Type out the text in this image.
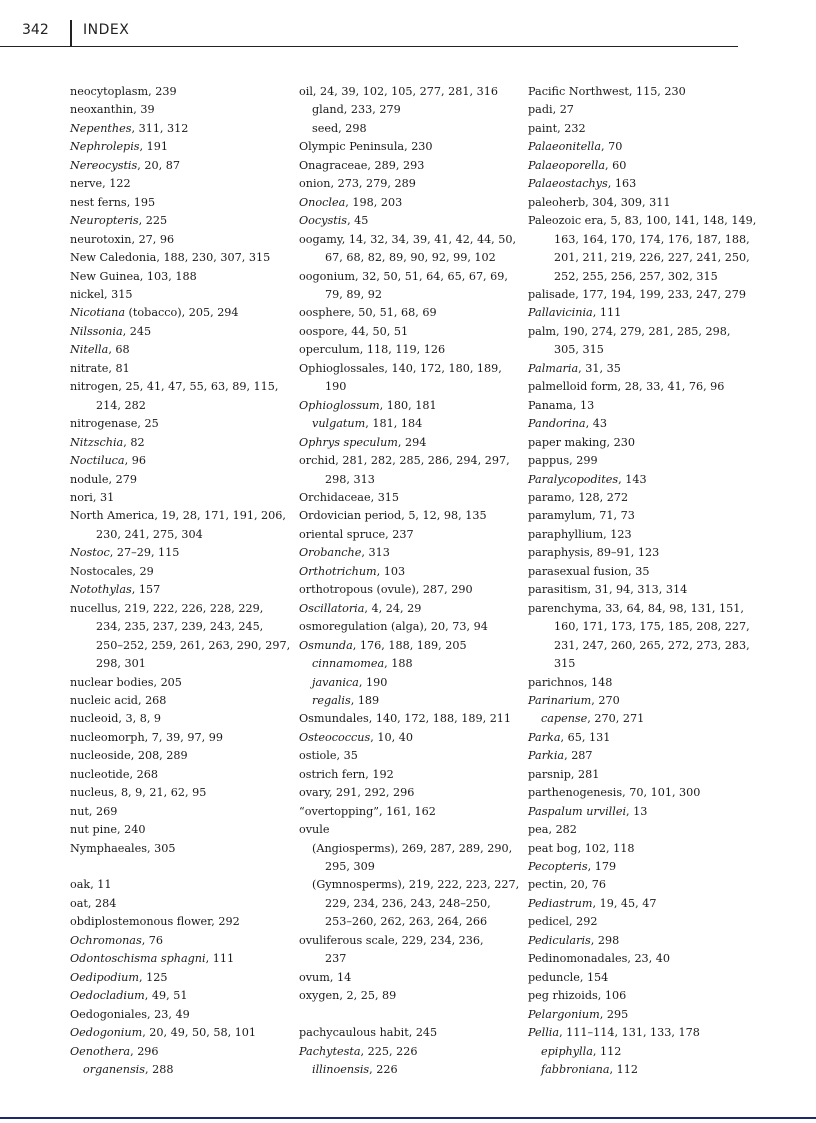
342 INDEX
neocytoplasm, 239
neoxanthin, 39
Nepenthes, 311, 312
Nephrolepis, 191
Nereocystis, 20, 87
nerve, 122
nest ferns, 195
Neuropteris, 225
neurotoxin, 27, 96
New Caledonia, 188, 230, 307, 315
New Guinea, 103, 188
nickel, 315
Nicotiana (tobacco), 205, 294
Nilssonia, 245
Nitella, 68
nitrate, 81
nitrogen, 25, 41, 47, 55, 63, 89, 115,
214, 282
nitrogenase, 25
Nitzschia, 82
Noctiluca, 96
nodule, 279
nori, 31
North America, 19, 28, 171, 191, 206,
230, 241, 275, 304
Nostoc, 27–29, 115
Nostocales, 29
Notothylas, 157
nucellus, 219, 222, 226, 228, 229,
234, 235, 237, 239, 243, 245,
250–252, 259, 261, 263, 290, 297,
298, 301
nuclear bodies, 205
nucleic acid, 268
nucleoid, 3, 8, 9
nucleomorph, 7, 39, 97, 99
nucleoside, 208, 289
nucleotide, 268
nucleus, 8, 9, 21, 62, 95
nut, 269
nut pine, 240
Nymphaeales, 305
oak, 11
oat, 284
obdiplostemonous flower, 292
Ochromonas, 76
Odontoschisma sphagni, 111
Oedipodium, 125
Oedocladium, 49, 51
Oedogoniales, 23, 49
Oedogonium, 20, 49, 50, 58, 101
Oenothera, 296
organensis, 288
oil, 24, 39, 102, 105, 277, 281, 316
gland, 233, 279
seed, 298
Olympic Peninsula, 230
Onagraceae, 289, 293
onion, 273, 279, 289
Onoclea, 198, 203
Oocystis, 45
oogamy, 14, 32, 34, 39, 41, 42, 44, 50,
67, 68, 82, 89, 90, 92, 99, 102
oogonium, 32, 50, 51, 64, 65, 67, 69,
79, 89, 92
oosphere, 50, 51, 68, 69
oospore, 44, 50, 51
operculum, 118, 119, 126
Ophioglossales, 140, 172, 180, 189,
190
Ophioglossum, 180, 181
vulgatum, 181, 184
Ophrys speculum, 294
orchid, 281, 282, 285, 286, 294, 297,
298, 313
Orchidaceae, 315
Ordovician period, 5, 12, 98, 135
oriental spruce, 237
Orobanche, 313
Orthotrichum, 103
orthotropous (ovule), 287, 290
Oscillatoria, 4, 24, 29
osmoregulation (alga), 20, 73, 94
Osmunda, 176, 188, 189, 205
cinnamomea, 188
javanica, 190
regalis, 189
Osmundales, 140, 172, 188, 189, 211
Osteococcus, 10, 40
ostiole, 35
ostrich fern, 192
ovary, 291, 292, 296
“overtopping”, 161, 162
ovule
(Angiosperms), 269, 287, 289, 290,
295, 309
(Gymnosperms), 219, 222, 223, 227,
229, 234, 236, 243, 248–250,
253–260, 262, 263, 264, 266
ovuliferous scale, 229, 234, 236,
237
ovum, 14
oxygen, 2, 25, 89
pachycaulous habit, 245
Pachytesta, 225, 226
illinoensis, 226
Pacific Northwest, 115, 230
padi, 27
paint, 232
Palaeonitella, 70
Palaeoporella, 60
Palaeostachys, 163
paleoherb, 304, 309, 311
Paleozoic era, 5, 83, 100, 141, 148, 149,
163, 164, 170, 174, 176, 187, 188,
201, 211, 219, 226, 227, 241, 250,
252, 255, 256, 257, 302, 315
palisade, 177, 194, 199, 233, 247, 279
Pallavicinia, 111
palm, 190, 274, 279, 281, 285, 298,
305, 315
Palmaria, 31, 35
palmelloid form, 28, 33, 41, 76, 96
Panama, 13
Pandorina, 43
paper making, 230
pappus, 299
Paralycopodites, 143
paramo, 128, 272
paramylum, 71, 73
paraphyllium, 123
paraphysis, 89–91, 123
parasexual fusion, 35
parasitism, 31, 94, 313, 314
parenchyma, 33, 64, 84, 98, 131, 151,
160, 171, 173, 175, 185, 208, 227,
231, 247, 260, 265, 272, 273, 283,
315
parichnos, 148
Parinarium, 270
capense, 270, 271
Parka, 65, 131
Parkia, 287
parsnip, 281
parthenogenesis, 70, 101, 300
Paspalum urvillei, 13
pea, 282
peat bog, 102, 118
Pecopteris, 179
pectin, 20, 76
Pediastrum, 19, 45, 47
pedicel, 292
Pedicularis, 298
Pedinomonadales, 23, 40
peduncle, 154
peg rhizoids, 106
Pelargonium, 295
Pellia, 111–114, 131, 133, 178
epiphylla, 112
fabbroniana, 112
